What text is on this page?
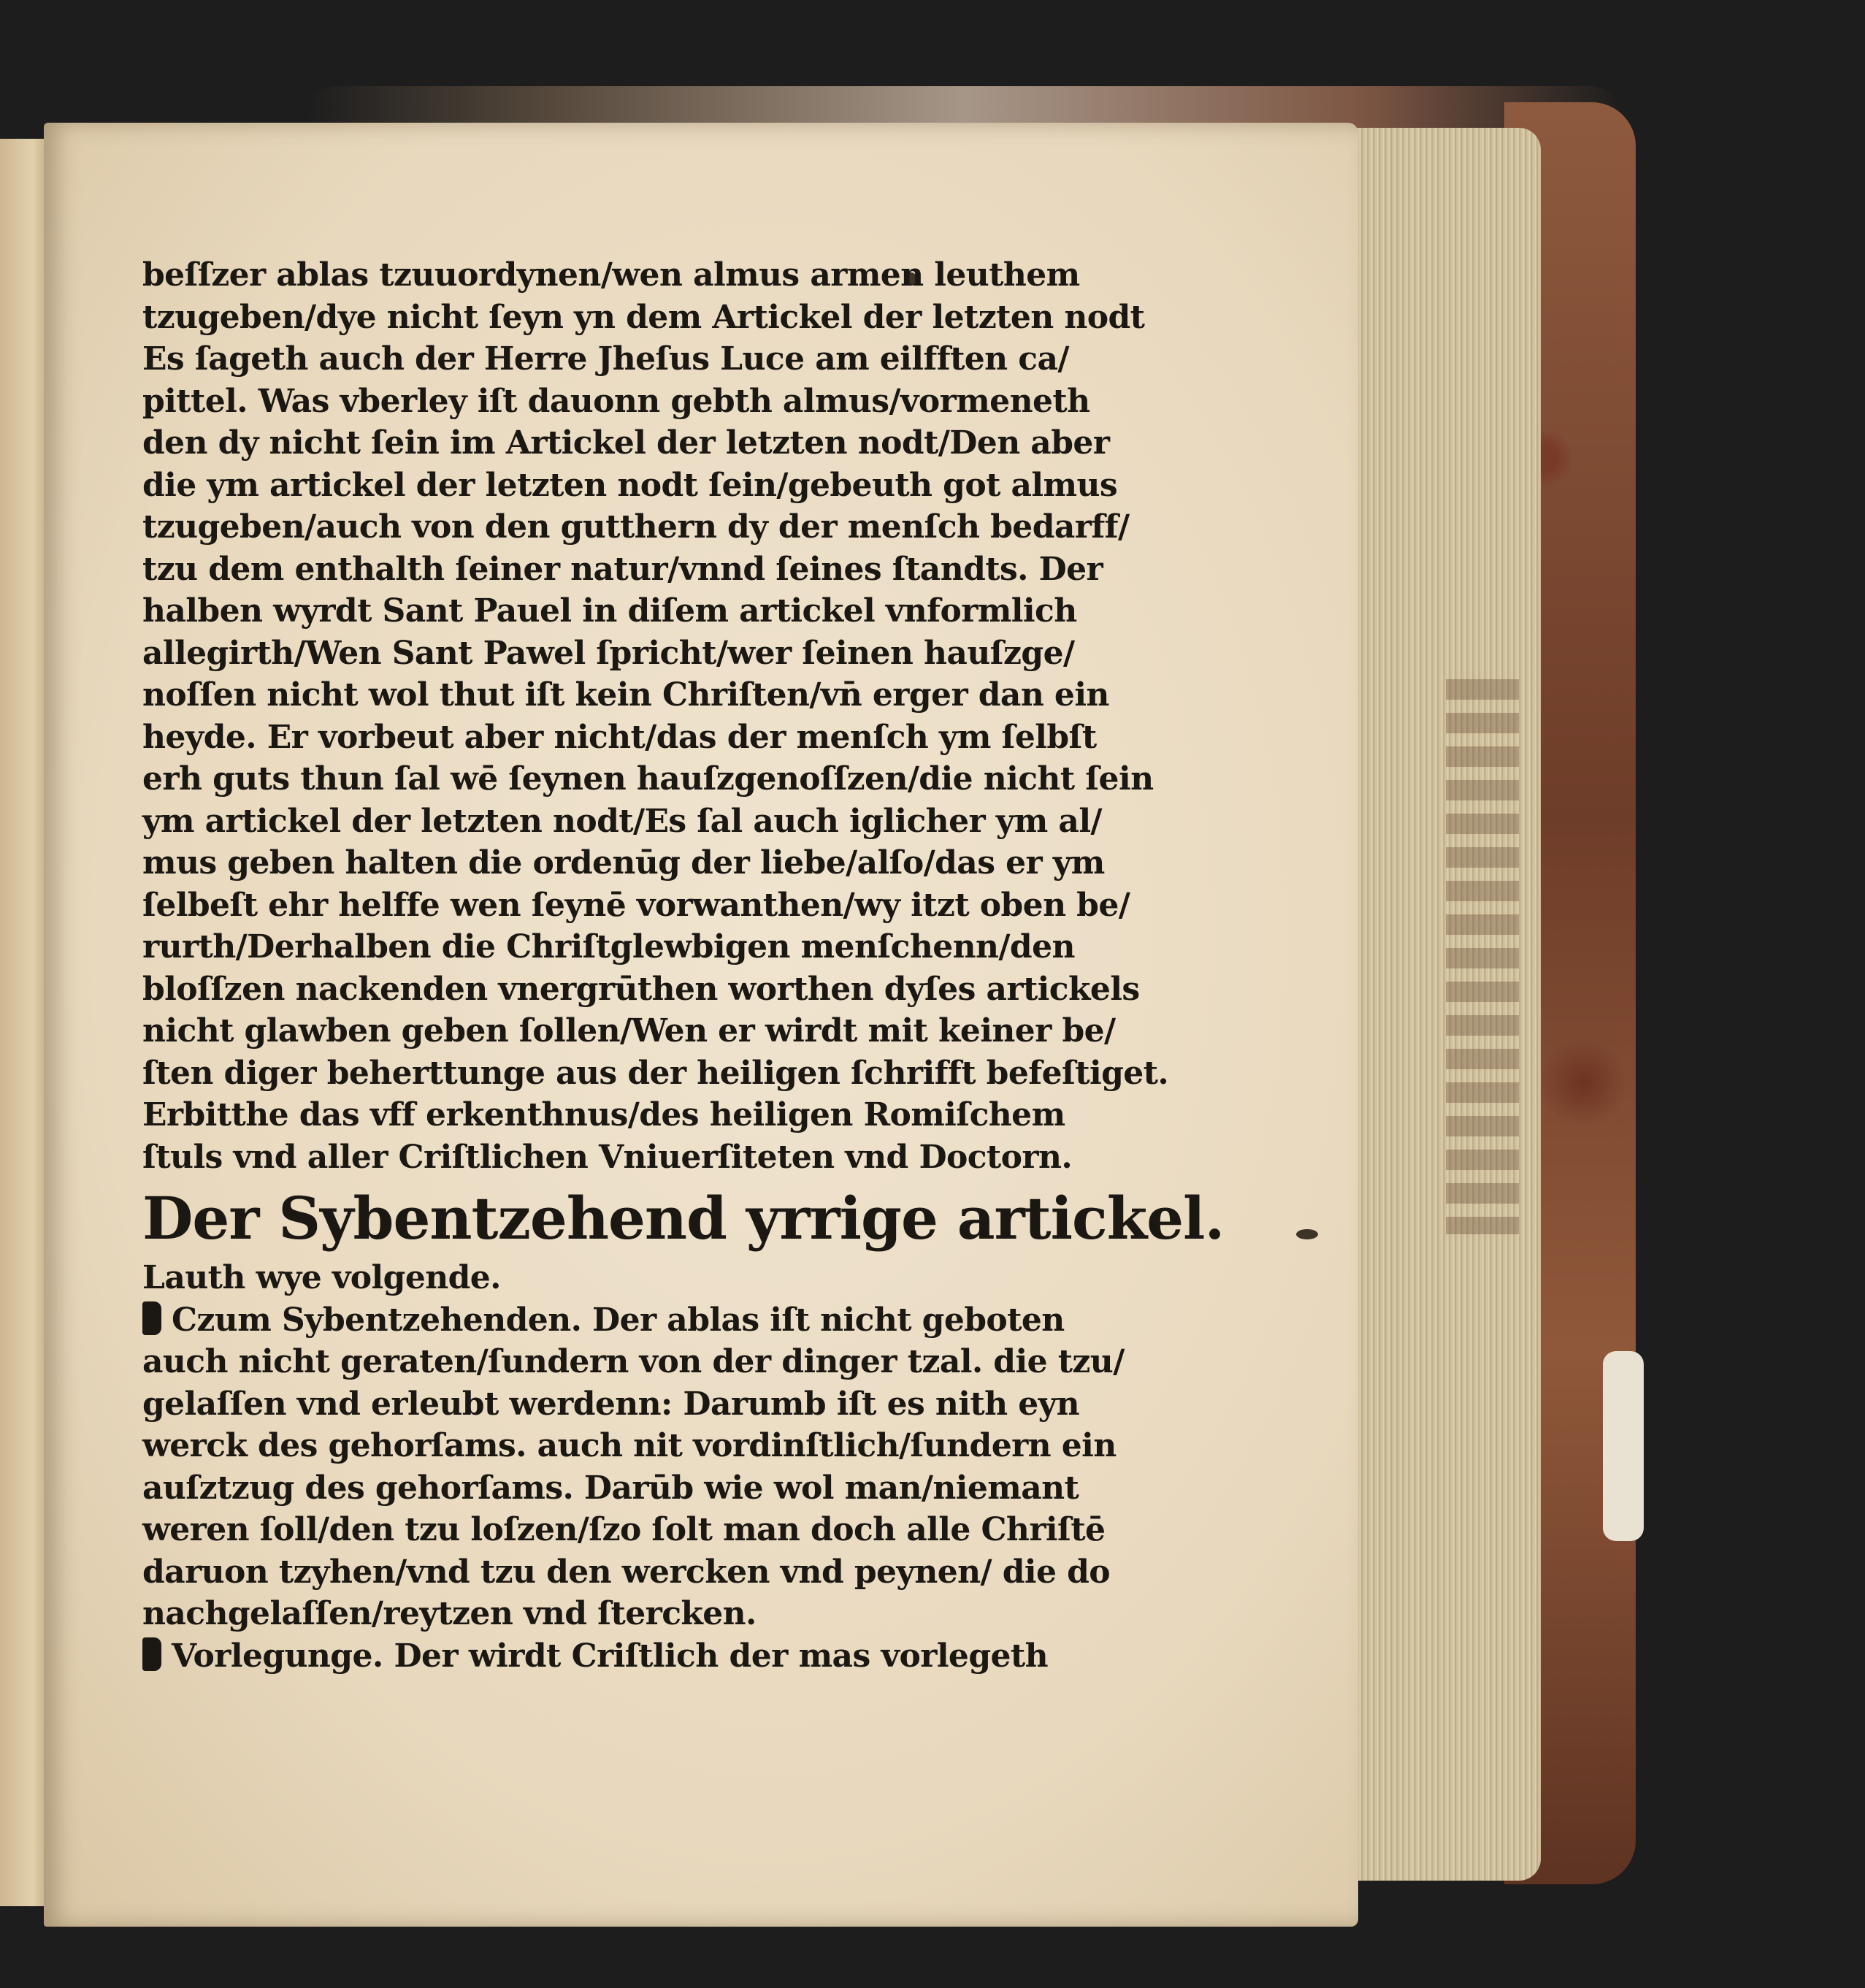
beſſzer ablas tzuuordynen/wen almus armen leuthem
tzugeben/dye nicht ſeyn yn dem Artickel der letzten nodt
Es ſageth auch der Herre Jheſus Luce am eilfften ca/
pittel. Was vberley iſt dauonn gebth almus/vormeneth
den dy nicht ſein im Artickel der letzten nodt/Den aber
die ym artickel der letzten nodt ſein/gebeuth got almus
tzugeben/auch von den gutthern dy der menſch bedarff/
tzu dem enthalth ſeiner natur/vnnd ſeines ſtandts. Der
halben wyrdt Sant Pauel in diſem artickel vnformlich
allegirth/Wen Sant Pawel ſpricht/wer ſeinen hauſzge/
noſſen nicht wol thut iſt kein Chriſten/vn̄ erger dan ein
heyde. Er vorbeut aber nicht/das der menſch ym ſelbſt
erh guts thun ſal wē ſeynen hauſzgenoſſzen/die nicht ſein
ym artickel der letzten nodt/Es ſal auch iglicher ym al/
mus geben halten die ordenūg der liebe/alſo/das er ym
ſelbeſt ehr helffe wen ſeynē vorwanthen/wy itzt oben be/
rurth/Derhalben die Chriſtglewbigen menſchenn/den
bloſſzen nackenden vnergrūthen worthen dyſes artickels
nicht glawben geben ſollen/Wen er wirdt mit keiner be/
ſten diger beherttunge aus der heiligen ſchrifft befeſtiget.
Erbitthe das vff erkenthnus/des heiligen Romiſchem
ſtuls vnd aller Criſtlichen Vniuerſiteten vnd Doctorn.
Der Sybentzehend yrrige artickel.
Lauth wye volgende.
Czum Sybentzehenden. Der ablas iſt nicht geboten
auch nicht geraten/ſundern von der dinger tzal. die tzu/
gelaſſen vnd erleubt werdenn: Darumb iſt es nith eyn
werck des gehorſams. auch nit vordinſtlich/ſundern ein
auſztzug des gehorſams. Darūb wie wol man/niemant
weren ſoll/den tzu loſzen/ſzo ſolt man doch alle Chriſtē
daruon tzyhen/vnd tzu den wercken vnd peynen/ die do
nachgelaſſen/reytzen vnd ſtercken.
Vorlegunge. Der wirdt Criſtlich der mas vorlegeth
